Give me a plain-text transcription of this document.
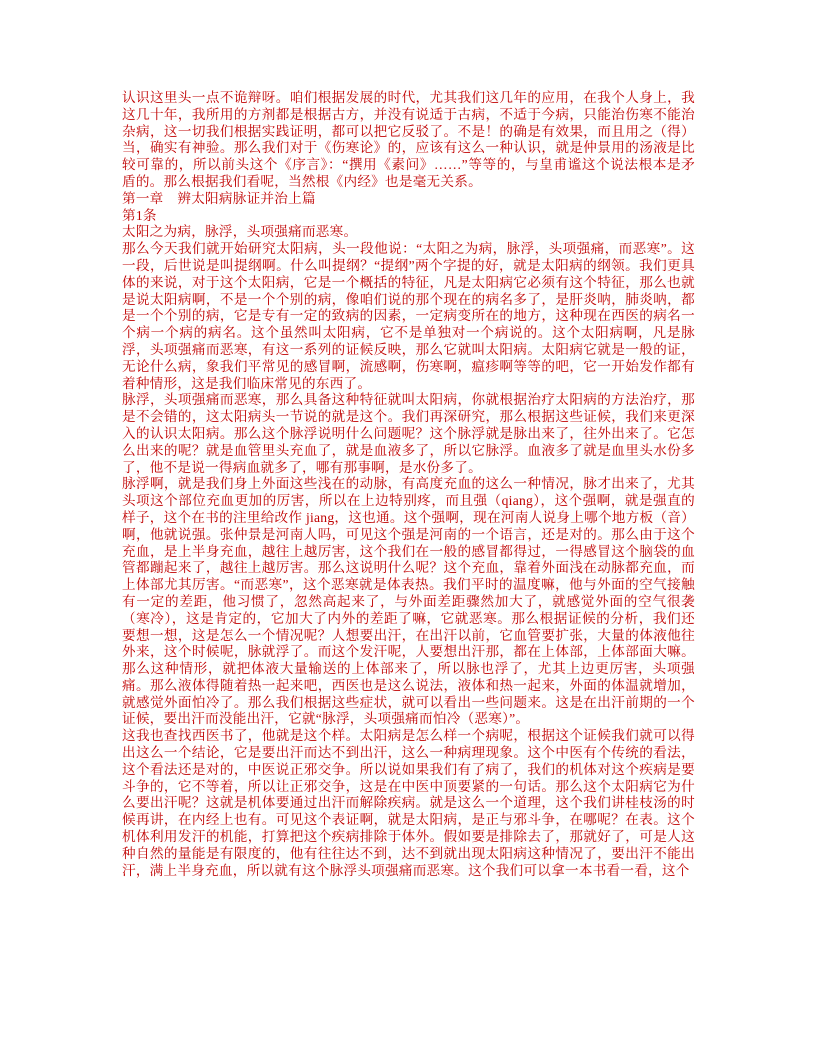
认识这里头一点不诡辩呀。咱们根据发展的时代，尤其我们这几年的应用，在我个人身上，我这几十年，我所用的方剂都是根据古方，并没有说适于古病，不适于今病，只能治伤寒不能治杂病，这一切我们根据实践证明，都可以把它反驳了。不是！的确是有效果，而且用之（得）当，确实有神验。那么我们对于《伤寒论》的，应该有这么一种认识，就是仲景用的汤液是比较可靠的，所以前头这个《序言》：“撰用《素问》……”等等的，与皇甫谧这个说法根本是矛盾的。那么根据我们看呢，当然根《内经》也是毫无关系。

第一章　辨太阳病脉证并治上篇

第1条

太阳之为病，脉浮，头项强痛而恶寒。

那么今天我们就开始研究太阳病，头一段他说：“太阳之为病，脉浮，头项强痛，而恶寒”。这一段，后世说是叫提纲啊。什么叫提纲？“提纲”两个字提的好，就是太阳病的纲领。我们更具体的来说，对于这个太阳病，它是一个概括的特征，凡是太阳病它必须有这个特征，那么也就是说太阳病啊，不是一个个别的病，像咱们说的那个现在的病名多了，是肝炎呐，肺炎呐，都是一个个别的病，它是专有一定的致病的因素，一定病变所在的地方，这种现在西医的病名一个病一个病的病名。这个虽然叫太阳病，它不是单独对一个病说的。这个太阳病啊，凡是脉浮，头项强痛而恶寒，有这一系列的证候反映，那么它就叫太阳病。太阳病它就是一般的证，无论什么病，象我们平常见的感冒啊，流感啊，伤寒啊，瘟疹啊等等的吧，它一开始发作都有着种情形，这是我们临床常见的东西了。

脉浮，头项强痛而恶寒，那么具备这种特征就叫太阳病，你就根据治疗太阳病的方法治疗，那是不会错的，这太阳病头一节说的就是这个。我们再深研究，那么根据这些证候，我们来更深入的认识太阳病。那么这个脉浮说明什么问题呢？这个脉浮就是脉出来了，往外出来了。它怎么出来的呢？就是血管里头充血了，就是血液多了，所以它脉浮。血液多了就是血里头水份多了，他不是说一得病血就多了，哪有那事啊，是水份多了。

脉浮啊，就是我们身上外面这些浅在的动脉，有高度充血的这么一种情况，脉才出来了，尤其头项这个部位充血更加的厉害，所以在上边特别疼，而且强（qiang），这个强啊，就是强直的样子，这个在书的注里给改作 jiang，这也通。这个强啊，现在河南人说身上哪个地方板（音）啊，他就说强。张仲景是河南人吗，可见这个强是河南的一个语言，还是对的。那么由于这个充血，是上半身充血，越往上越厉害，这个我们在一般的感冒都得过，一得感冒这个脑袋的血管都蹦起来了，越往上越厉害。那么这说明什么呢？这个充血，靠着外面浅在动脉都充血，而上体部尤其厉害。“而恶寒”，这个恶寒就是体表热。我们平时的温度嘛，他与外面的空气接触有一定的差距，他习惯了，忽然高起来了，与外面差距骤然加大了，就感觉外面的空气很袭（寒冷），这是肯定的，它加大了内外的差距了嘛，它就恶寒。那么根据证候的分析，我们还要想一想，这是怎么一个情况呢？人想要出汗，在出汗以前，它血管要扩张，大量的体液他往外来，这个时候呢，脉就浮了。而这个发汗呢，人要想出汗那，都在上体部，上体部面大嘛。那么这种情形，就把体液大量输送的上体部来了，所以脉也浮了，尤其上边更厉害，头项强痛。那么液体得随着热一起来吧，西医也是这么说法，液体和热一起来，外面的体温就增加，就感觉外面怕冷了。那么我们根据这些症状，就可以看出一些问题来。这是在出汗前期的一个证候，要出汗而没能出汗，它就“脉浮，头项强痛而怕冷（恶寒）”。

这我也查找西医书了，他就是这个样。太阳病是怎么样一个病呢，根据这个证候我们就可以得出这么一个结论，它是要出汗而达不到出汗，这么一种病理现象。这个中医有个传统的看法，这个看法还是对的，中医说正邪交争。所以说如果我们有了病了，我们的机体对这个疾病是要斗争的，它不等着，所以让正邪交争，这是在中医中顶要紧的一句话。那么这个太阳病它为什么要出汗呢？这就是机体要通过出汗而解除疾病。就是这么一个道理，这个我们讲桂枝汤的时候再讲，在内经上也有。可见这个表证啊，就是太阳病，是正与邪斗争，在哪呢？在表。这个机体利用发汗的机能，打算把这个疾病排除于体外。假如要是排除去了，那就好了，可是人这种自然的量能是有限度的，他有往往达不到，达不到就出现太阳病这种情况了，要出汗不能出汗，满上半身充血，所以就有这个脉浮头项强痛而恶寒。这个我们可以拿一本书看一看，这个
